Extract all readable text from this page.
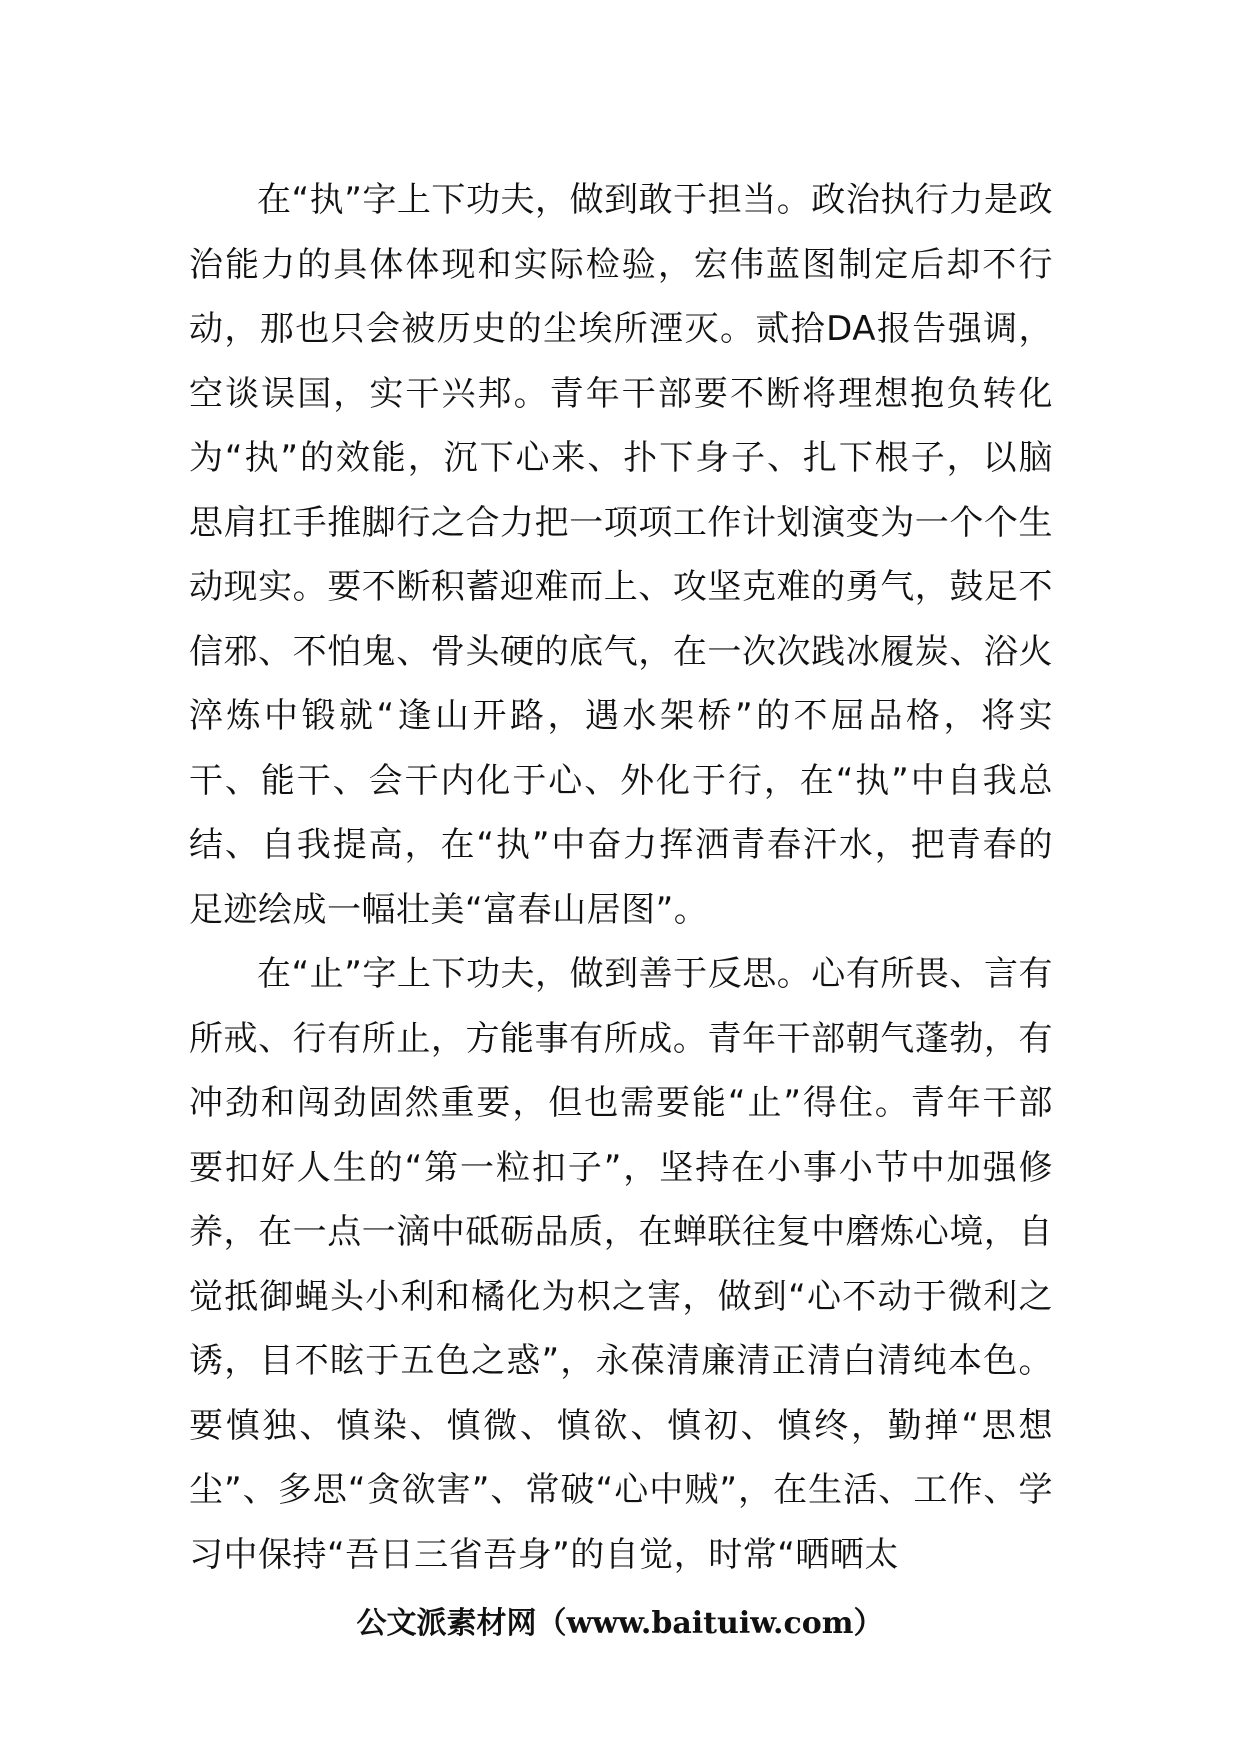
在“执”字上下功夫，做到敢于担当。政治执行力是政治能力的具体体现和实际检验，宏伟蓝图制定后却不行动，那也只会被历史的尘埃所湮灭。贰拾DA报告强调，空谈误国，实干兴邦。青年干部要不断将理想抱负转化为“执”的效能，沉下心来、扑下身子、扎下根子，以脑思肩扛手推脚行之合力把一项项工作计划演变为一个个生动现实。要不断积蓄迎难而上、攻坚克难的勇气，鼓足不信邪、不怕鬼、骨头硬的底气，在一次次践冰履炭、浴火淬炼中锻就“逢山开路，遇水架桥”的不屈品格，将实干、能干、会干内化于心、外化于行，在“执”中自我总结、自我提高，在“执”中奋力挥洒青春汗水，把青春的足迹绘成一幅壮美“富春山居图”。

在“止”字上下功夫，做到善于反思。心有所畏、言有所戒、行有所止，方能事有所成。青年干部朝气蓬勃，有冲劲和闯劲固然重要，但也需要能“止”得住。青年干部要扣好人生的“第一粒扣子”，坚持在小事小节中加强修养，在一点一滴中砥砺品质，在蝉联往复中磨炼心境，自觉抵御蝇头小利和橘化为枳之害，做到“心不动于微利之诱，目不眩于五色之惑”，永葆清廉清正清白清纯本色。要慎独、慎染、慎微、慎欲、慎初、慎终，勤掸“思想尘”、多思“贪欲害”、常破“心中贼”，在生活、工作、学习中保持“吾日三省吾身”的自觉，时常“晒晒太

公文派素材网（www.baituiw.com）
